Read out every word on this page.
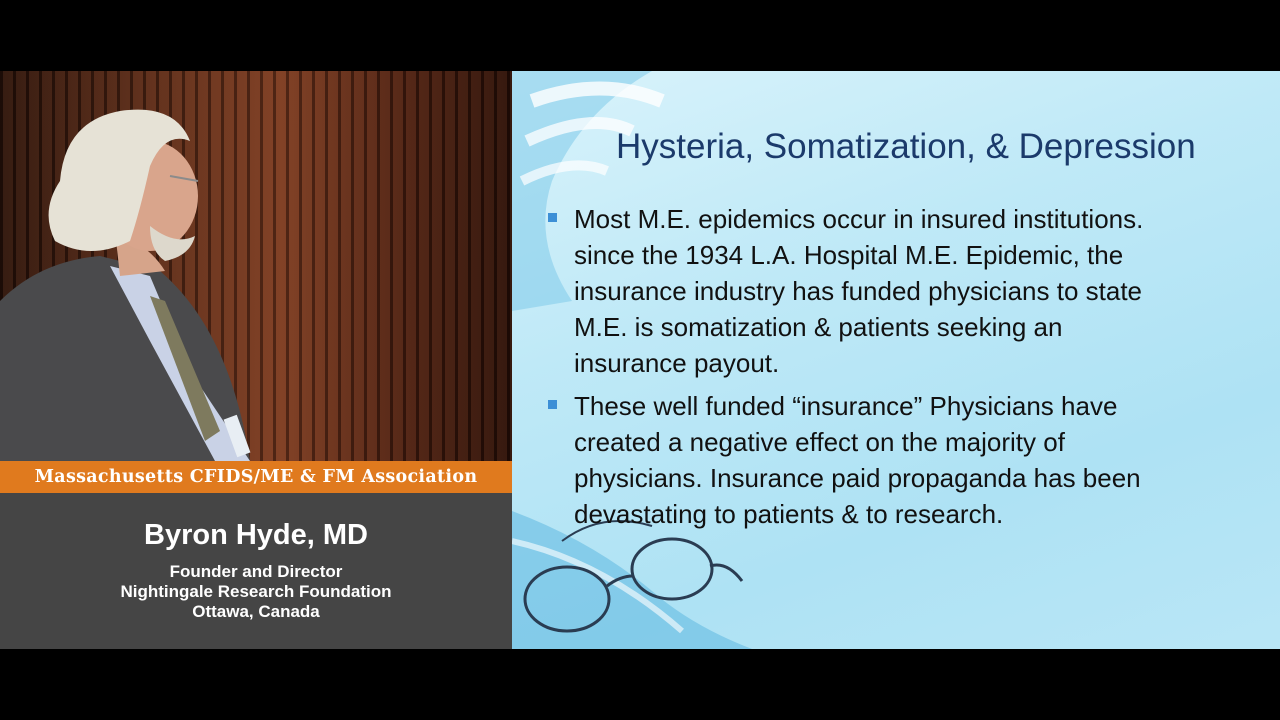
Massachusetts CFIDS/ME & FM Association
Byron Hyde, MD
Founder and Director
Nightingale Research Foundation
Ottawa, Canada
Hysteria, Somatization, & Depression
Most M.E. epidemics occur in insured institutions.
since the 1934 L.A. Hospital M.E. Epidemic, the
insurance industry has funded physicians to state
M.E. is somatization & patients seeking an
insurance payout.
These well funded “insurance” Physicians have
created a negative effect on the majority of
physicians. Insurance paid propaganda has been
devastating to patients & to research.
